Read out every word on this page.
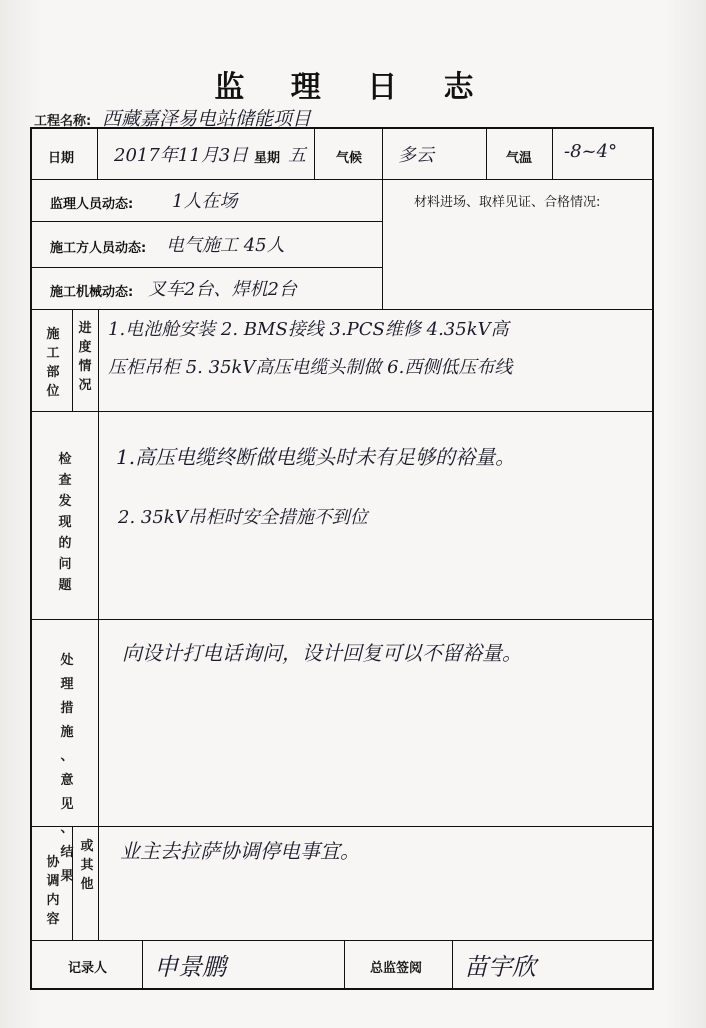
监 理 日 志
工程名称: 西藏嘉泽易电站储能项目
日期 2017年11月3日 星期 五 气候 多云	气温 -8~4°
监理人员动态: 1人在场
施工方人员动态: 电气施工 45人
施工机械动态: 叉车2台、焊机2台
材料进场、取样见证、合格情况:
施
工
部
位
进
度
情
况
1.电池舱安装 2. BMS接线 3.PCS维修 4.35kV高
压柜吊柜 5. 35kV高压电缆头制做 6.西侧低压布线
检
查
发
现
的
问
题
1.高压电缆终断做电缆头时未有足够的裕量。
2. 35kV吊柜时安全措施不到位
处
理
措
施
、
意
见
、
结
果
向设计打电话询问，设计回复可以不留裕量。
协
调
内
容
或
其
他
业主去拉萨协调停电事宜。
记录人 申景鹏	总监签阅 苗宇欣
